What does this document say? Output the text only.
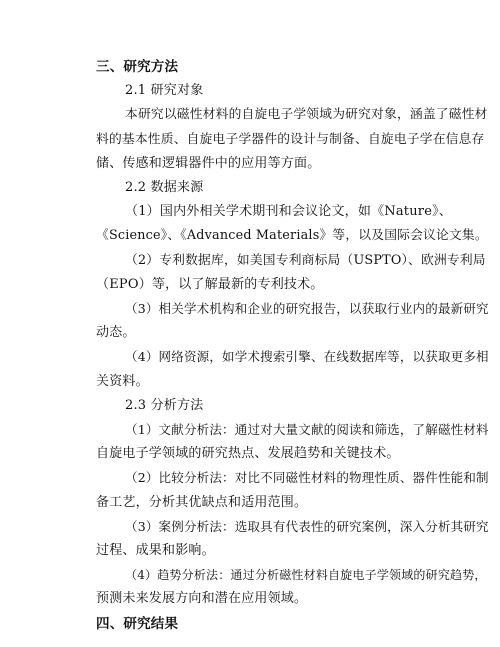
三、研究方法
2.1 研究对象
本研究以磁性材料的自旋电子学领域为研究对象，涵盖了磁性材
料的基本性质、自旋电子学器件的设计与制备、自旋电子学在信息存
储、传感和逻辑器件中的应用等方面。
2.2 数据来源
（1）国内外相关学术期刊和会议论文，如《Nature》、
《Science》、《Advanced Materials》等，以及国际会议论文集。
（2）专利数据库，如美国专利商标局（USPTO）、欧洲专利局
（EPO）等，以了解最新的专利技术。
（3）相关学术机构和企业的研究报告，以获取行业内的最新研究
动态。
（4）网络资源，如学术搜索引擎、在线数据库等，以获取更多相
关资料。
2.3 分析方法
（1）文献分析法：通过对大量文献的阅读和筛选，了解磁性材料
自旋电子学领域的研究热点、发展趋势和关键技术。
（2）比较分析法：对比不同磁性材料的物理性质、器件性能和制
备工艺，分析其优缺点和适用范围。
（3）案例分析法：选取具有代表性的研究案例，深入分析其研究
过程、成果和影响。
（4）趋势分析法：通过分析磁性材料自旋电子学领域的研究趋势，
预测未来发展方向和潜在应用领域。
四、研究结果
